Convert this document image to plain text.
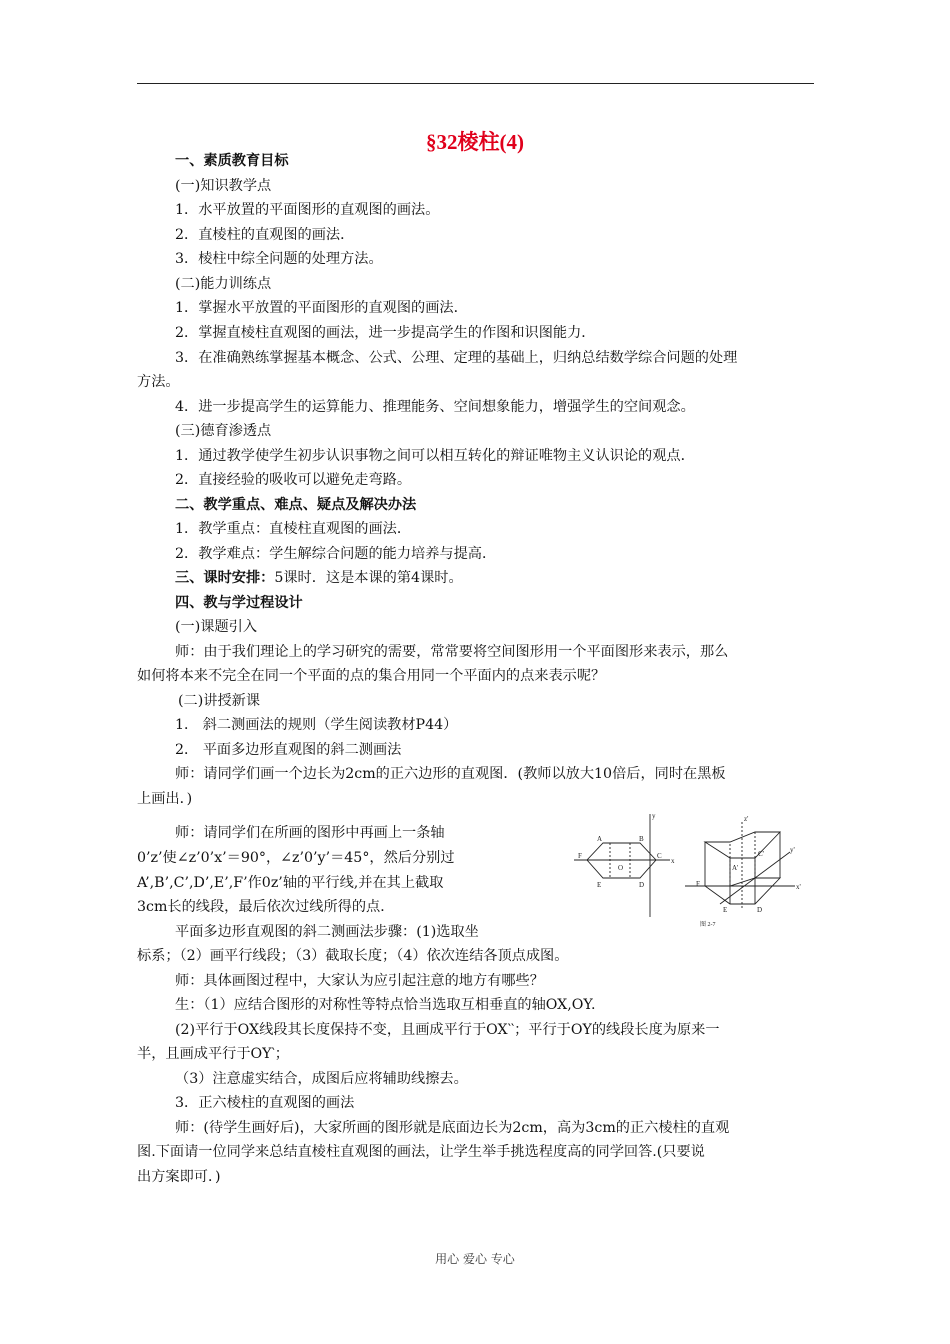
§32棱柱(4)
一、素质教育目标
(一)知识教学点
1．水平放置的平面图形的直观图的画法。
2．直棱柱的直观图的画法．
3．棱柱中综全问题的处理方法。
(二)能力训练点
1．掌握水平放置的平面图形的直观图的画法．
2．掌握直棱柱直观图的画法，进一步提高学生的作图和识图能力．
3．在准确熟练掌握基本概念、公式、公理、定理的基础上，归纳总结数学综合问题的处理
方法。
4．进一步提高学生的运算能力、推理能务、空间想象能力，增强学生的空间观念。
(三)德育渗透点
1．通过教学使学生初步认识事物之间可以相互转化的辩证唯物主义认识论的观点．
2．直接经验的吸收可以避免走弯路。
二、教学重点、难点、疑点及解决办法
1．教学重点：直棱柱直观图的画法．
2．教学难点：学生解综合问题的能力培养与提高．
三、课时安排：5课时．这是本课的第4课时。
四、教与学过程设计
(一)课题引入
师：由于我们理论上的学习研究的需要，常常要将空间图形用一个平面图形来表示，那么
如何将本来不完全在同一个平面的点的集合用同一个平面内的点来表示呢？
(二)讲授新课
1． 斜二测画法的规则（学生阅读教材P44）
2． 平面多边形直观图的斜二测画法
师：请同学们画一个边长为2cm的正六边形的直观图．(教师以放大10倍后，同时在黑板
上画出．)
师：请同学们在所画的图形中再画上一条轴
0’z’使∠z’0’x’＝90°，∠z’0’y’＝45°，然后分别过
A’,B’,C’,D’,E’,F’作0z’轴的平行线,并在其上截取
3cm长的线段，最后依次过线所得的点．
平面多边形直观图的斜二测画法步骤：(1)选取坐
标系；（2）画平行线段；（3）截取长度；（4）依次连结各顶点成图。
师：具体画图过程中，大家认为应引起注意的地方有哪些？
生：（1）应结合图形的对称性等特点恰当选取互相垂直的轴OX,OY.
(2)平行于OX线段其长度保持不变，且画成平行于OX‵‵；平行于OY的线段长度为原来一
半，且画成平行于OY‵；
（3）注意虚实结合，成图后应将辅助线擦去。
3．正六棱柱的直观图的画法
师：(待学生画好后)，大家所画的图形就是底面边长为2cm，高为3cm的正六棱柱的直观
图.下面请一位同学来总结直棱柱直观图的画法，让学生举手挑选程度高的同学回答.(只要说
出方案即可．)
A	B
C
D
E
F
O
x
y	z'
y'
x'
C'
A'
F
E	D
图 2-7
用心 爱心 专心
